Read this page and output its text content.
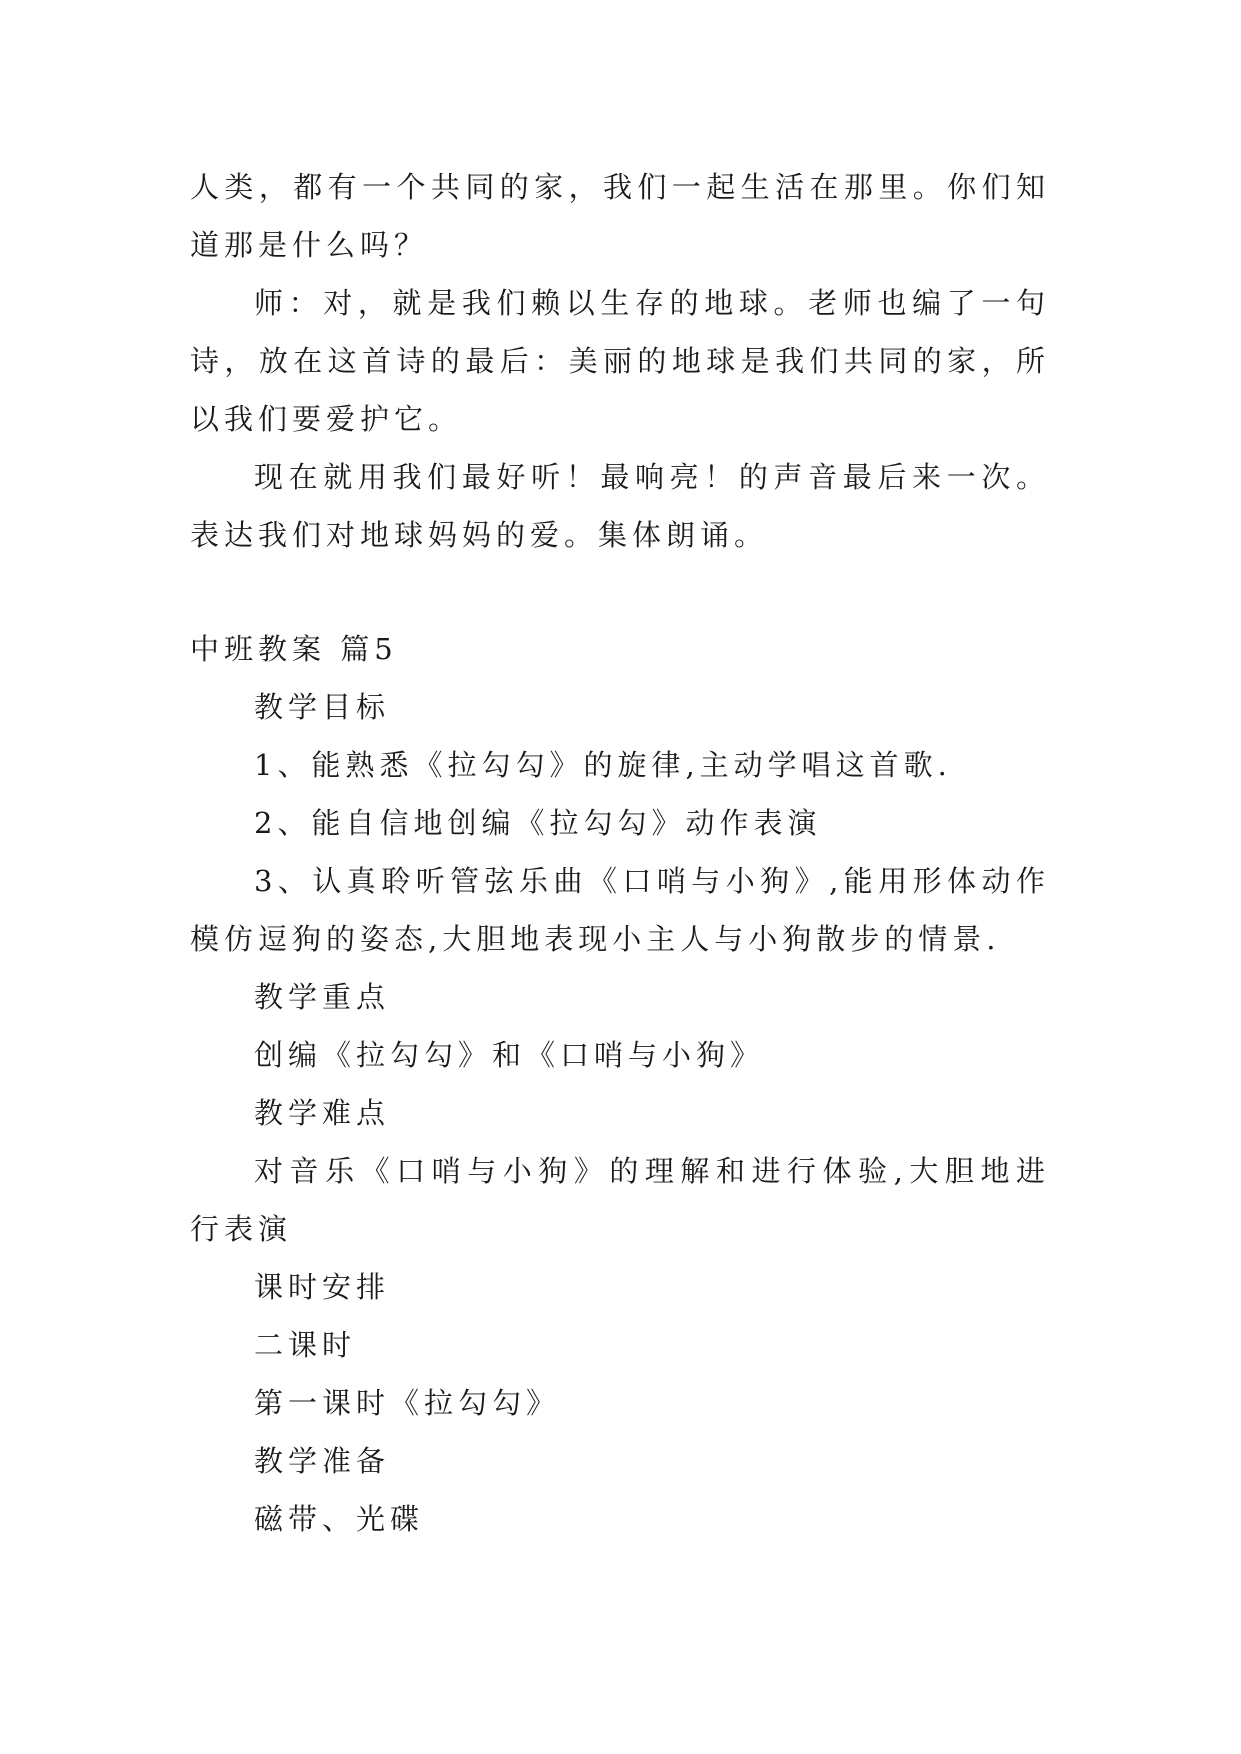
人类，都有一个共同的家，我们一起生活在那里。你们知道那是什么吗？

师：对，就是我们赖以生存的地球。老师也编了一句诗，放在这首诗的最后：美丽的地球是我们共同的家，所以我们要爱护它。

现在就用我们最好听！最响亮！的声音最后来一次。表达我们对地球妈妈的爱。集体朗诵。

中班教案 篇5

教学目标

1、能熟悉《拉勾勾》的旋律,主动学唱这首歌.

2、能自信地创编《拉勾勾》动作表演

3、认真聆听管弦乐曲《口哨与小狗》,能用形体动作模仿逗狗的姿态,大胆地表现小主人与小狗散步的情景.

教学重点

创编《拉勾勾》和《口哨与小狗》

教学难点

对音乐《口哨与小狗》的理解和进行体验,大胆地进行表演

课时安排

二课时

第一课时《拉勾勾》

教学准备

磁带、光碟
